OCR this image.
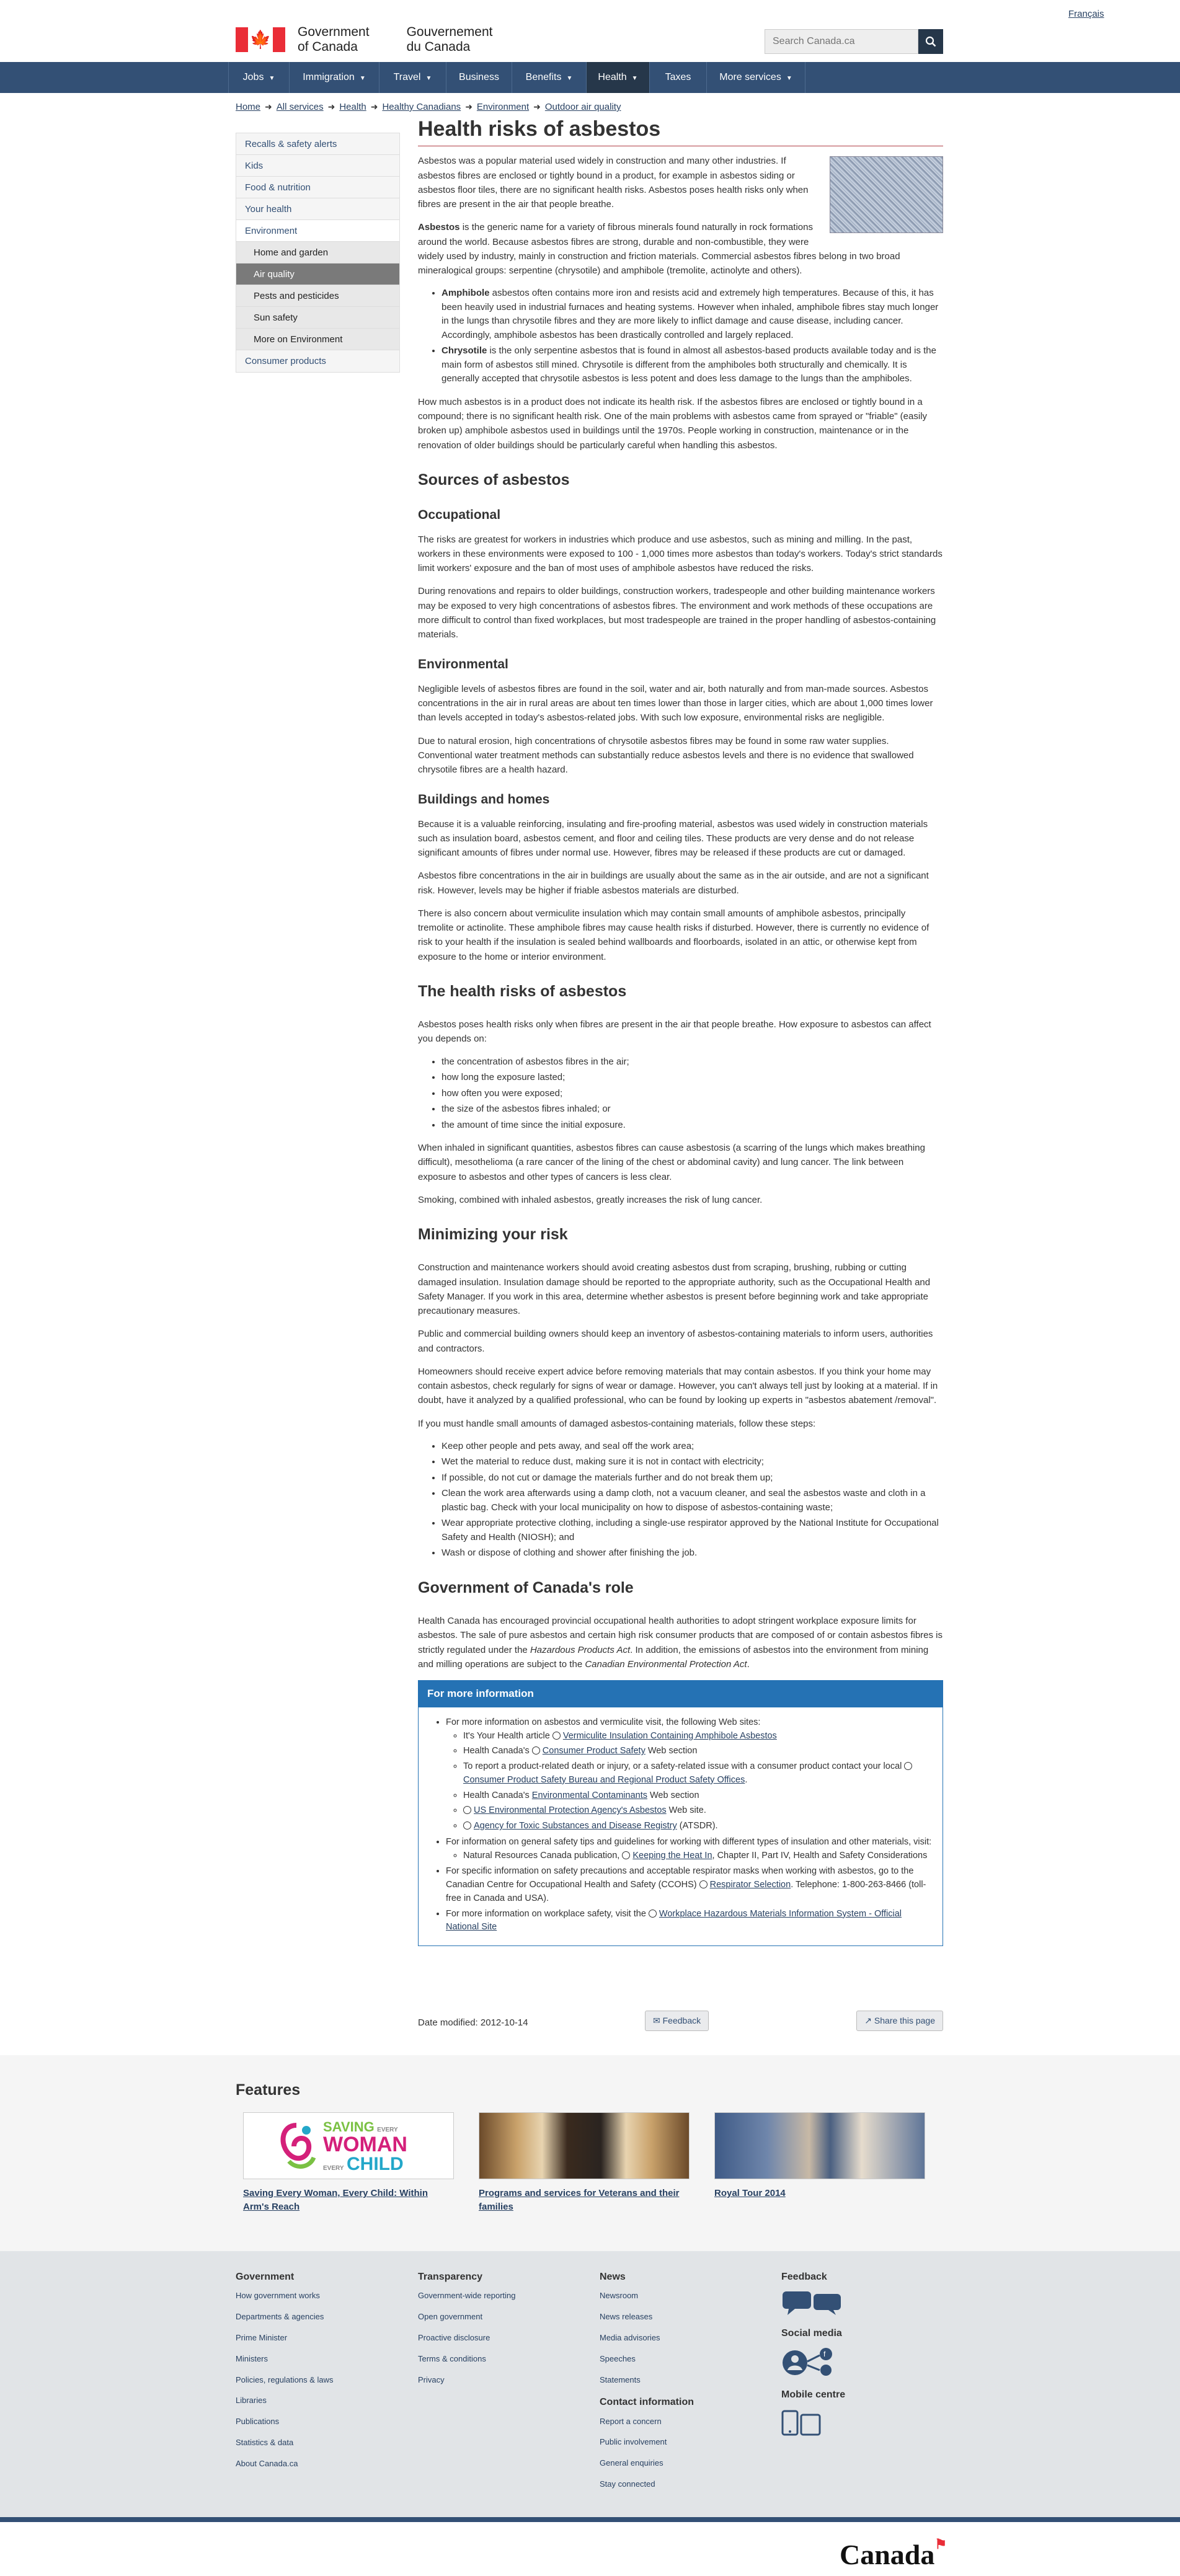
Français
🍁 Government
of Canada
Gouvernement
du Canada
Search Canada.ca
Jobs ▼	Immigration ▼	Travel ▼	Business	Benefits ▼	Health ▼	Taxes	More services ▼
Home ➜ All services ➜ Health ➜ Healthy Canadians ➜ Environment ➜ Outdoor air quality
Recalls & safety alerts
Kids
Food & nutrition
Your health
Environment
Home and garden
Air quality
Pests and pesticides
Sun safety
More on Environment
Consumer products
Health risks of asbestos

Asbestos was a popular material used widely in construction and many other industries. If asbestos fibres are enclosed or tightly bound in a product, for example in asbestos siding or asbestos floor tiles, there are no significant health risks. Asbestos poses health risks only when fibres are present in the air that people breathe.

Asbestos is the generic name for a variety of fibrous minerals found naturally in rock formations around the world. Because asbestos fibres are strong, durable and non-combustible, they were widely used by industry, mainly in construction and friction materials. Commercial asbestos fibres belong in two broad mineralogical groups: serpentine (chrysotile) and amphibole (tremolite, actinolyte and others).

• Amphibole asbestos often contains more iron and resists acid and extremely high temperatures. Because of this, it has been heavily used in industrial furnaces and heating systems. However when inhaled, amphibole fibres stay much longer in the lungs than chrysotile fibres and they are more likely to inflict damage and cause disease, including cancer. Accordingly, amphibole asbestos has been drastically controlled and largely replaced.
• Chrysotile is the only serpentine asbestos that is found in almost all asbestos-based products available today and is the main form of asbestos still mined. Chrysotile is different from the amphiboles both structurally and chemically. It is generally accepted that chrysotile asbestos is less potent and does less damage to the lungs than the amphiboles.

How much asbestos is in a product does not indicate its health risk. If the asbestos fibres are enclosed or tightly bound in a compound; there is no significant health risk. One of the main problems with asbestos came from sprayed or "friable" (easily broken up) amphibole asbestos used in buildings until the 1970s. People working in construction, maintenance or in the renovation of older buildings should be particularly careful when handling this asbestos.

Sources of asbestos
Occupational

The risks are greatest for workers in industries which produce and use asbestos, such as mining and milling. In the past, workers in these environments were exposed to 100 - 1,000 times more asbestos than today's workers. Today's strict standards limit workers' exposure and the ban of most uses of amphibole asbestos have reduced the risks.

During renovations and repairs to older buildings, construction workers, tradespeople and other building maintenance workers may be exposed to very high concentrations of asbestos fibres. The environment and work methods of these occupations are more difficult to control than fixed workplaces, but most tradespeople are trained in the proper handling of asbestos-containing materials.

Environmental

Negligible levels of asbestos fibres are found in the soil, water and air, both naturally and from man-made sources. Asbestos concentrations in the air in rural areas are about ten times lower than those in larger cities, which are about 1,000 times lower than levels accepted in today's asbestos-related jobs. With such low exposure, environmental risks are negligible.

Due to natural erosion, high concentrations of chrysotile asbestos fibres may be found in some raw water supplies. Conventional water treatment methods can substantially reduce asbestos levels and there is no evidence that swallowed chrysotile fibres are a health hazard.

Buildings and homes

Because it is a valuable reinforcing, insulating and fire-proofing material, asbestos was used widely in construction materials such as insulation board, asbestos cement, and floor and ceiling tiles. These products are very dense and do not release significant amounts of fibres under normal use. However, fibres may be released if these products are cut or damaged.

Asbestos fibre concentrations in the air in buildings are usually about the same as in the air outside, and are not a significant risk. However, levels may be higher if friable asbestos materials are disturbed.

There is also concern about vermiculite insulation which may contain small amounts of amphibole asbestos, principally tremolite or actinolite. These amphibole fibres may cause health risks if disturbed. However, there is currently no evidence of risk to your health if the insulation is sealed behind wallboards and floorboards, isolated in an attic, or otherwise kept from exposure to the home or interior environment.

The health risks of asbestos

Asbestos poses health risks only when fibres are present in the air that people breathe. How exposure to asbestos can affect you depends on:

• the concentration of asbestos fibres in the air;
• how long the exposure lasted;
• how often you were exposed;
• the size of the asbestos fibres inhaled; or
• the amount of time since the initial exposure.

When inhaled in significant quantities, asbestos fibres can cause asbestosis (a scarring of the lungs which makes breathing difficult), mesothelioma (a rare cancer of the lining of the chest or abdominal cavity) and lung cancer. The link between exposure to asbestos and other types of cancers is less clear.

Smoking, combined with inhaled asbestos, greatly increases the risk of lung cancer.

Minimizing your risk

Construction and maintenance workers should avoid creating asbestos dust from scraping, brushing, rubbing or cutting damaged insulation. Insulation damage should be reported to the appropriate authority, such as the Occupational Health and Safety Manager. If you work in this area, determine whether asbestos is present before beginning work and take appropriate precautionary measures.

Public and commercial building owners should keep an inventory of asbestos-containing materials to inform users, authorities and contractors.

Homeowners should receive expert advice before removing materials that may contain asbestos. If you think your home may contain asbestos, check regularly for signs of wear or damage. However, you can't always tell just by looking at a material. If in doubt, have it analyzed by a qualified professional, who can be found by looking up experts in "asbestos abatement /removal".

If you must handle small amounts of damaged asbestos-containing materials, follow these steps:

• Keep other people and pets away, and seal off the work area;
• Wet the material to reduce dust, making sure it is not in contact with electricity;
• If possible, do not cut or damage the materials further and do not break them up;
• Clean the work area afterwards using a damp cloth, not a vacuum cleaner, and seal the asbestos waste and cloth in a plastic bag. Check with your local municipality on how to dispose of asbestos-containing waste;
• Wear appropriate protective clothing, including a single-use respirator approved by the National Institute for Occupational Safety and Health (NIOSH); and
• Wash or dispose of clothing and shower after finishing the job.
Government of Canada's role

Health Canada has encouraged provincial occupational health authorities to adopt stringent workplace exposure limits for asbestos. The sale of pure asbestos and certain high risk consumer products that are composed of or contain asbestos fibres is strictly regulated under the Hazardous Products Act. In addition, the emissions of asbestos into the environment from mining and milling operations are subject to the Canadian Environmental Protection Act.

For more information
• For more information on asbestos and vermiculite visit, the following Web sites:
◦ It's Your Health article Vermiculite Insulation Containing Amphibole Asbestos
◦ Health Canada's Consumer Product Safety Web section
◦ To report a product-related death or injury, or a safety-related issue with a consumer product contact your local Consumer Product Safety Bureau and Regional Product Safety Offices.
◦ Health Canada's Environmental Contaminants Web section
◦ US Environmental Protection Agency's Asbestos Web site.
◦ Agency for Toxic Substances and Disease Registry (ATSDR).
• For information on general safety tips and guidelines for working with different types of insulation and other materials, visit:
◦ Natural Resources Canada publication, Keeping the Heat In, Chapter II, Part IV, Health and Safety Considerations
• For specific information on safety precautions and acceptable respirator masks when working with asbestos, go to the Canadian Centre for Occupational Health and Safety (CCOHS) Respirator Selection. Telephone: 1-800-263-8466 (toll-free in Canada and USA).
• For more information on workplace safety, visit the Workplace Hazardous Materials Information System - Official National Site
Date modified: 2012-10-14	✉ Feedback	↗ Share this page
Features
SAVING EVERY
WOMAN
EVERY CHILD
Saving Every Woman, Every Child: Within Arm's Reach
Programs and services for Veterans and their families
Royal Tour 2014
Government
How government works
Departments & agencies
Prime Minister
Ministers
Policies, regulations & laws
Libraries
Publications
Statistics & data
About Canada.ca
Transparency
Government-wide reporting
Open government
Proactive disclosure
Terms & conditions
Privacy
News
Newsroom
News releases
Media advisories
Speeches
Statements
Contact information
Report a concern
Public involvement
General enquiries
Stay connected
Feedback
Social media
f
Mobile centre
Canada⚑
